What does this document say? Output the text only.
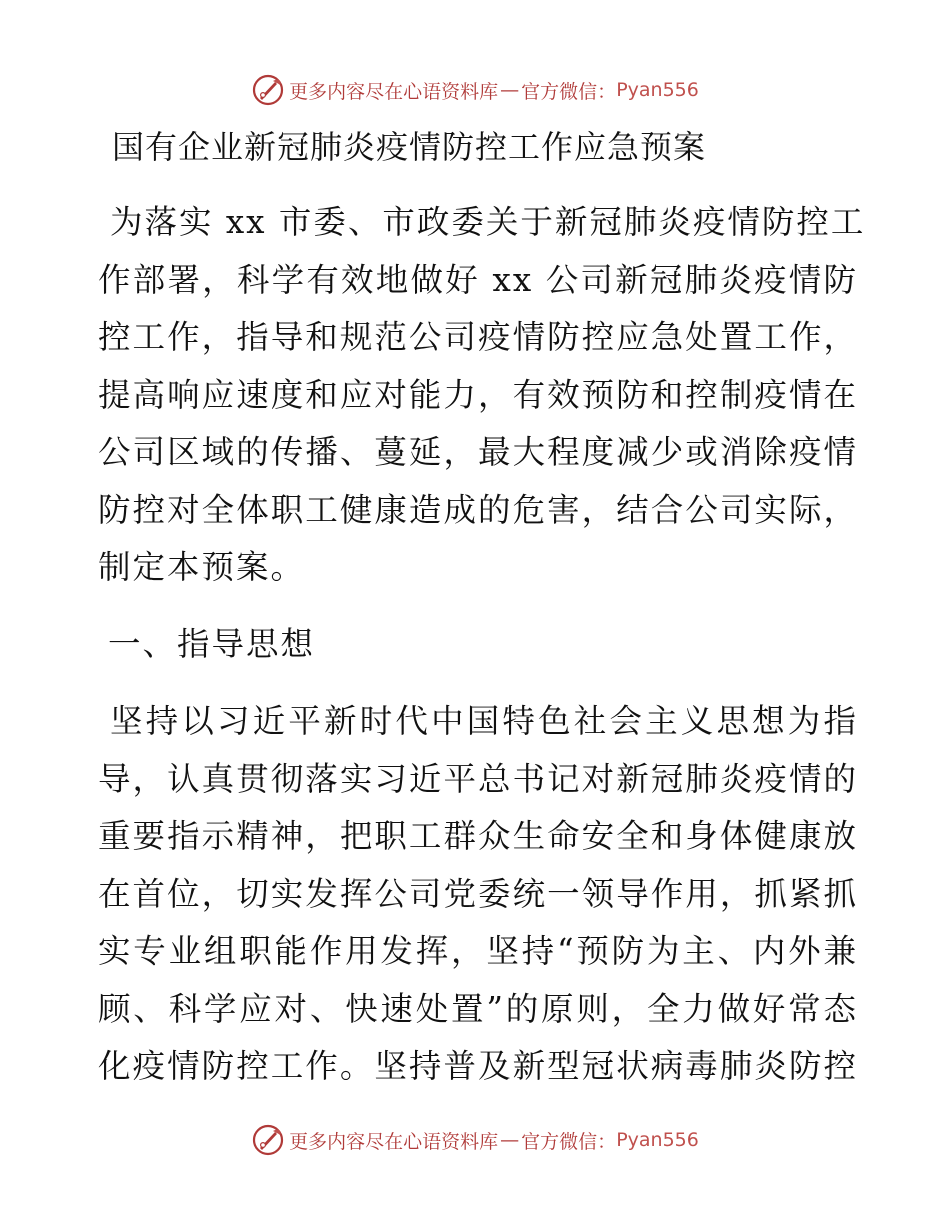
更多内容尽在心语资料库 — 官方微信： Pyan556
国有企业新冠肺炎疫情防控工作应急预案
为落实 xx 市委、市政委关于新冠肺炎疫情防控工
作部署，科学有效地做好 xx 公司新冠肺炎疫情防
控工作，指导和规范公司疫情防控应急处置工作，
提高响应速度和应对能力，有效预防和控制疫情在
公司区域的传播、蔓延，最大程度减少或消除疫情
防控对全体职工健康造成的危害，结合公司实际，
制定本预案。
一、指导思想
坚持以习近平新时代中国特色社会主义思想为指
导，认真贯彻落实习近平总书记对新冠肺炎疫情的
重要指示精神，把职工群众生命安全和身体健康放
在首位，切实发挥公司党委统一领导作用，抓紧抓
实专业组职能作用发挥，坚持“预防为主、内外兼
顾、科学应对、快速处置”的原则，全力做好常态
化疫情防控工作。坚持普及新型冠状病毒肺炎防控
更多内容尽在心语资料库 — 官方微信： Pyan556
